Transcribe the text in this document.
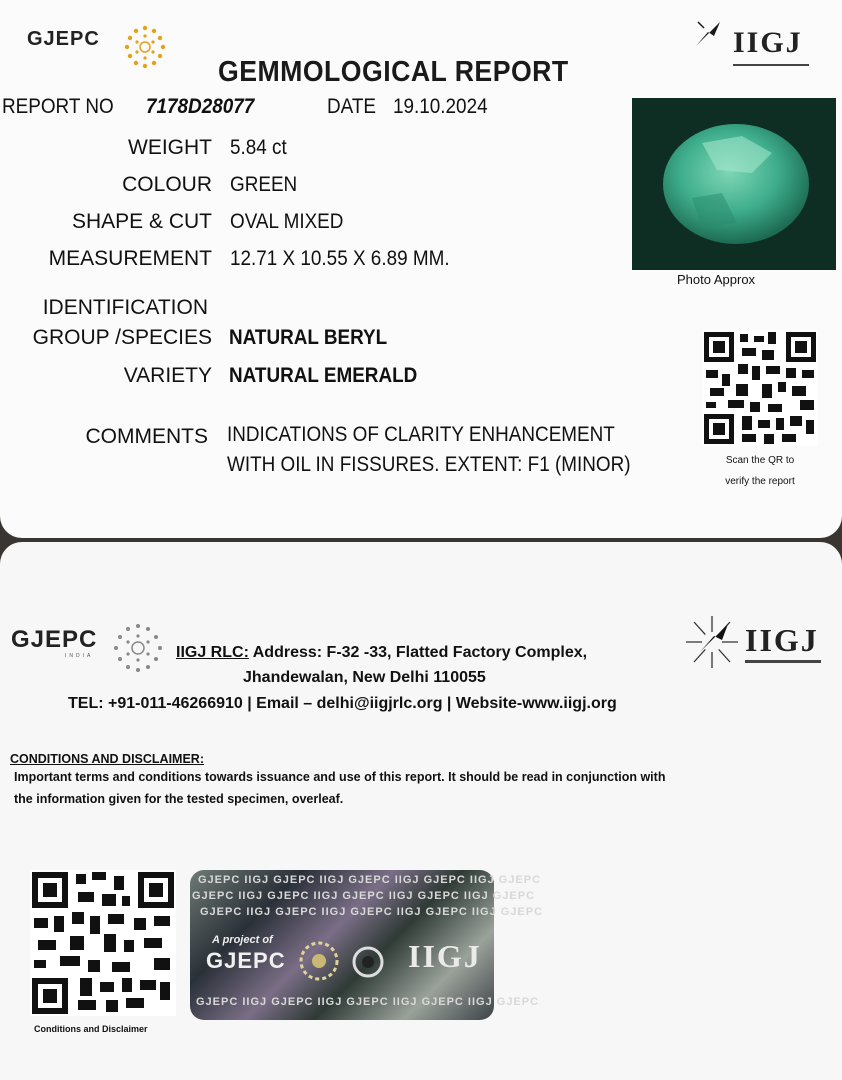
GJEPC	IIGJ
GEMMOLOGICAL REPORT
REPORT NO 7178D28077	DATE 19.10.2024
WEIGHT 5.84 ct
COLOUR GREEN
SHAPE & CUT OVAL MIXED
MEASUREMENT 12.71 X 10.55 X 6.89 MM.
IDENTIFICATION
GROUP /SPECIES NATURAL BERYL
VARIETY NATURAL EMERALD
COMMENTS INDICATIONS OF CLARITY ENHANCEMENT
WITH OIL IN FISSURES. EXTENT: F1 (MINOR)
Photo Approx
Scan the QR to
verify the report
GJEPC
INDIA	IIGJ
IIGJ RLC: Address: F-32 -33, Flatted Factory Complex,
Jhandewalan, New Delhi 110055
TEL: +91-011-46266910 | Email – delhi@iigjrlc.org | Website-www.iigj.org
CONDITIONS AND DISCLAIMER:
Important terms and conditions towards issuance and use of this report. It should be read in conjunction with
the information given for the tested specimen, overleaf.
Conditions and Disclaimer
GJEPC IIGJ GJEPC IIGJ GJEPC IIGJ GJEPC IIGJ GJEPC
GJEPC IIGJ GJEPC IIGJ GJEPC IIGJ GJEPC IIGJ GJEPC
GJEPC IIGJ GJEPC IIGJ GJEPC IIGJ GJEPC IIGJ GJEPC
A project of
GJEPC	IIGJ
GJEPC IIGJ GJEPC IIGJ GJEPC IIGJ GJEPC IIGJ GJEPC
